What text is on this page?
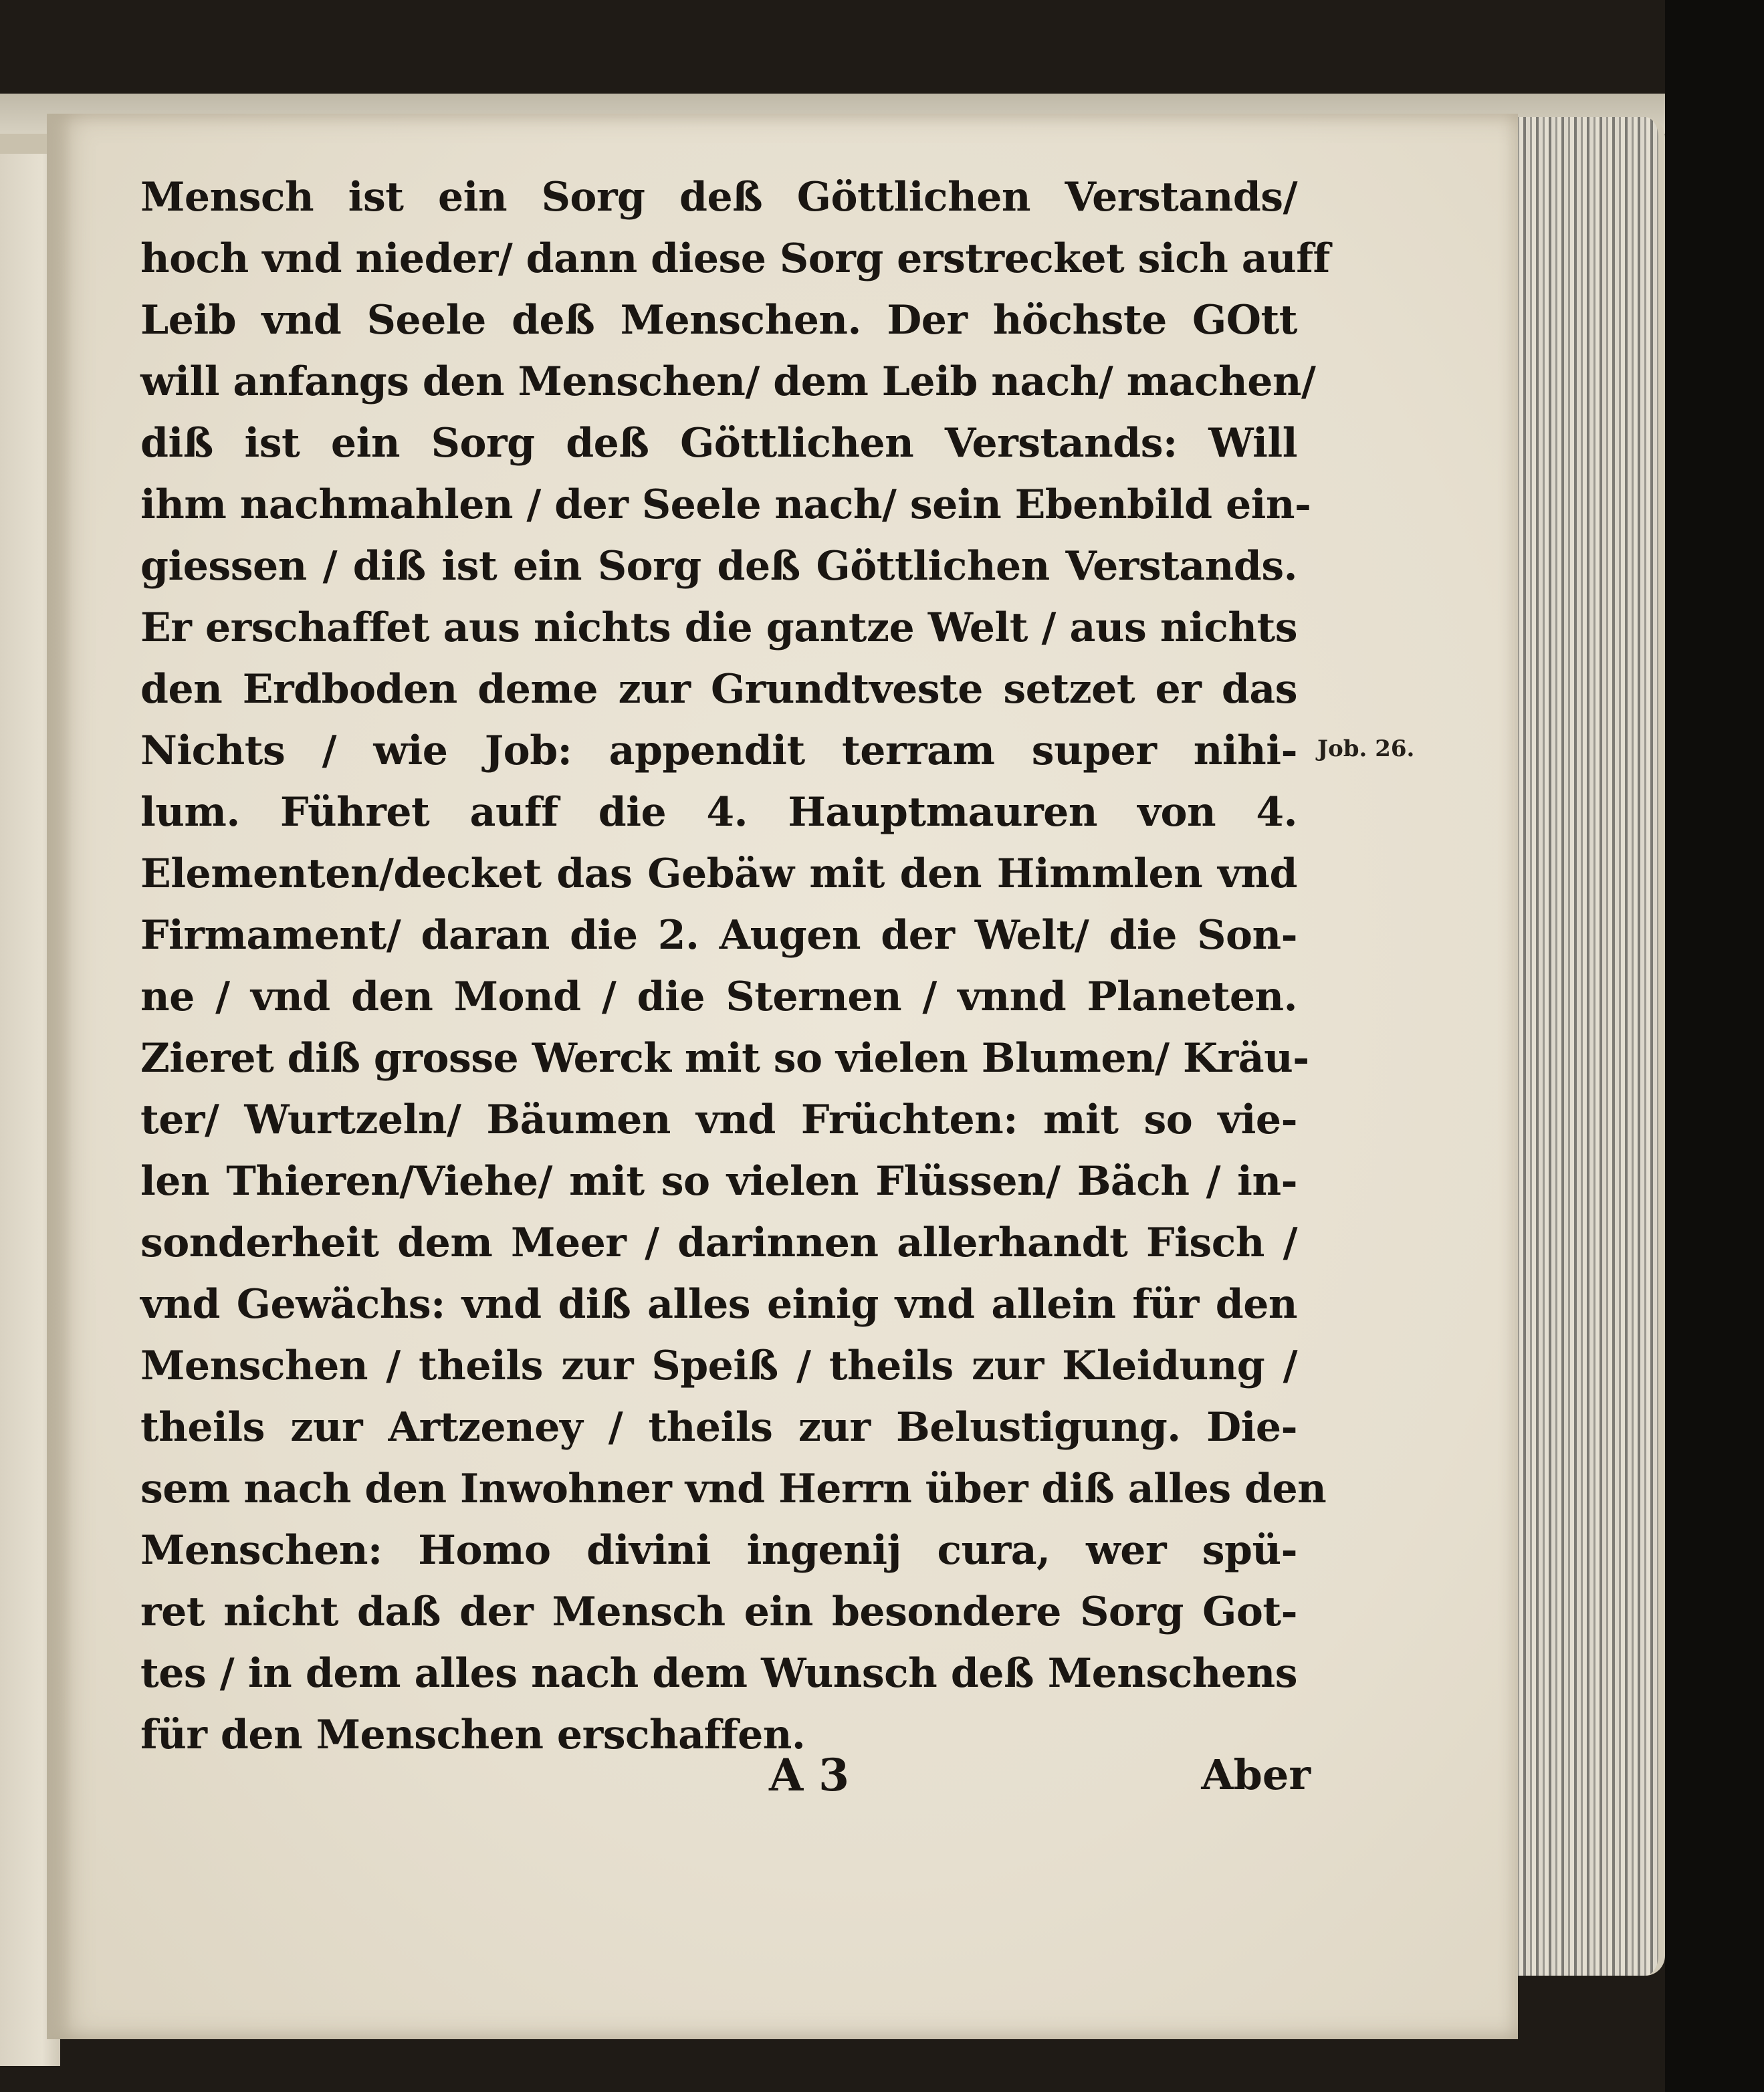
Mensch ist ein Sorg deß Göttlichen Verstands/
hoch vnd nieder/ dann diese Sorg erstrecket sich auff
Leib vnd Seele deß Menschen. Der höchste GOtt
will anfangs den Menschen/ dem Leib nach/ machen/
diß ist ein Sorg deß Göttlichen Verstands: Will
ihm nachmahlen / der Seele nach/ sein Ebenbild ein-
giessen / diß ist ein Sorg deß Göttlichen Verstands.
Er erschaffet aus nichts die gantze Welt / aus nichts
den Erdboden deme zur Grundtveste setzet er das
Nichts / wie Job: appendit terram super nihi-
lum. Führet auff die 4. Hauptmauren von 4.
Elementen/decket das Gebäw mit den Himmlen vnd
Firmament/ daran die 2. Augen der Welt/ die Son-
ne / vnd den Mond / die Sternen / vnnd Planeten.
Zieret diß grosse Werck mit so vielen Blumen/ Kräu-
ter/ Wurtzeln/ Bäumen vnd Früchten: mit so vie-
len Thieren/Viehe/ mit so vielen Flüssen/ Bäch / in-
sonderheit dem Meer / darinnen allerhandt Fisch /
vnd Gewächs: vnd diß alles einig vnd allein für den
Menschen / theils zur Speiß / theils zur Kleidung /
theils zur Artzeney / theils zur Belustigung. Die-
sem nach den Inwohner vnd Herrn über diß alles den
Menschen: Homo divini ingenij cura, wer spü-
ret nicht daß der Mensch ein besondere Sorg Got-
tes / in dem alles nach dem Wunsch deß Menschens
für den Menschen erschaffen.
Job. 26.
A 3	Aber
